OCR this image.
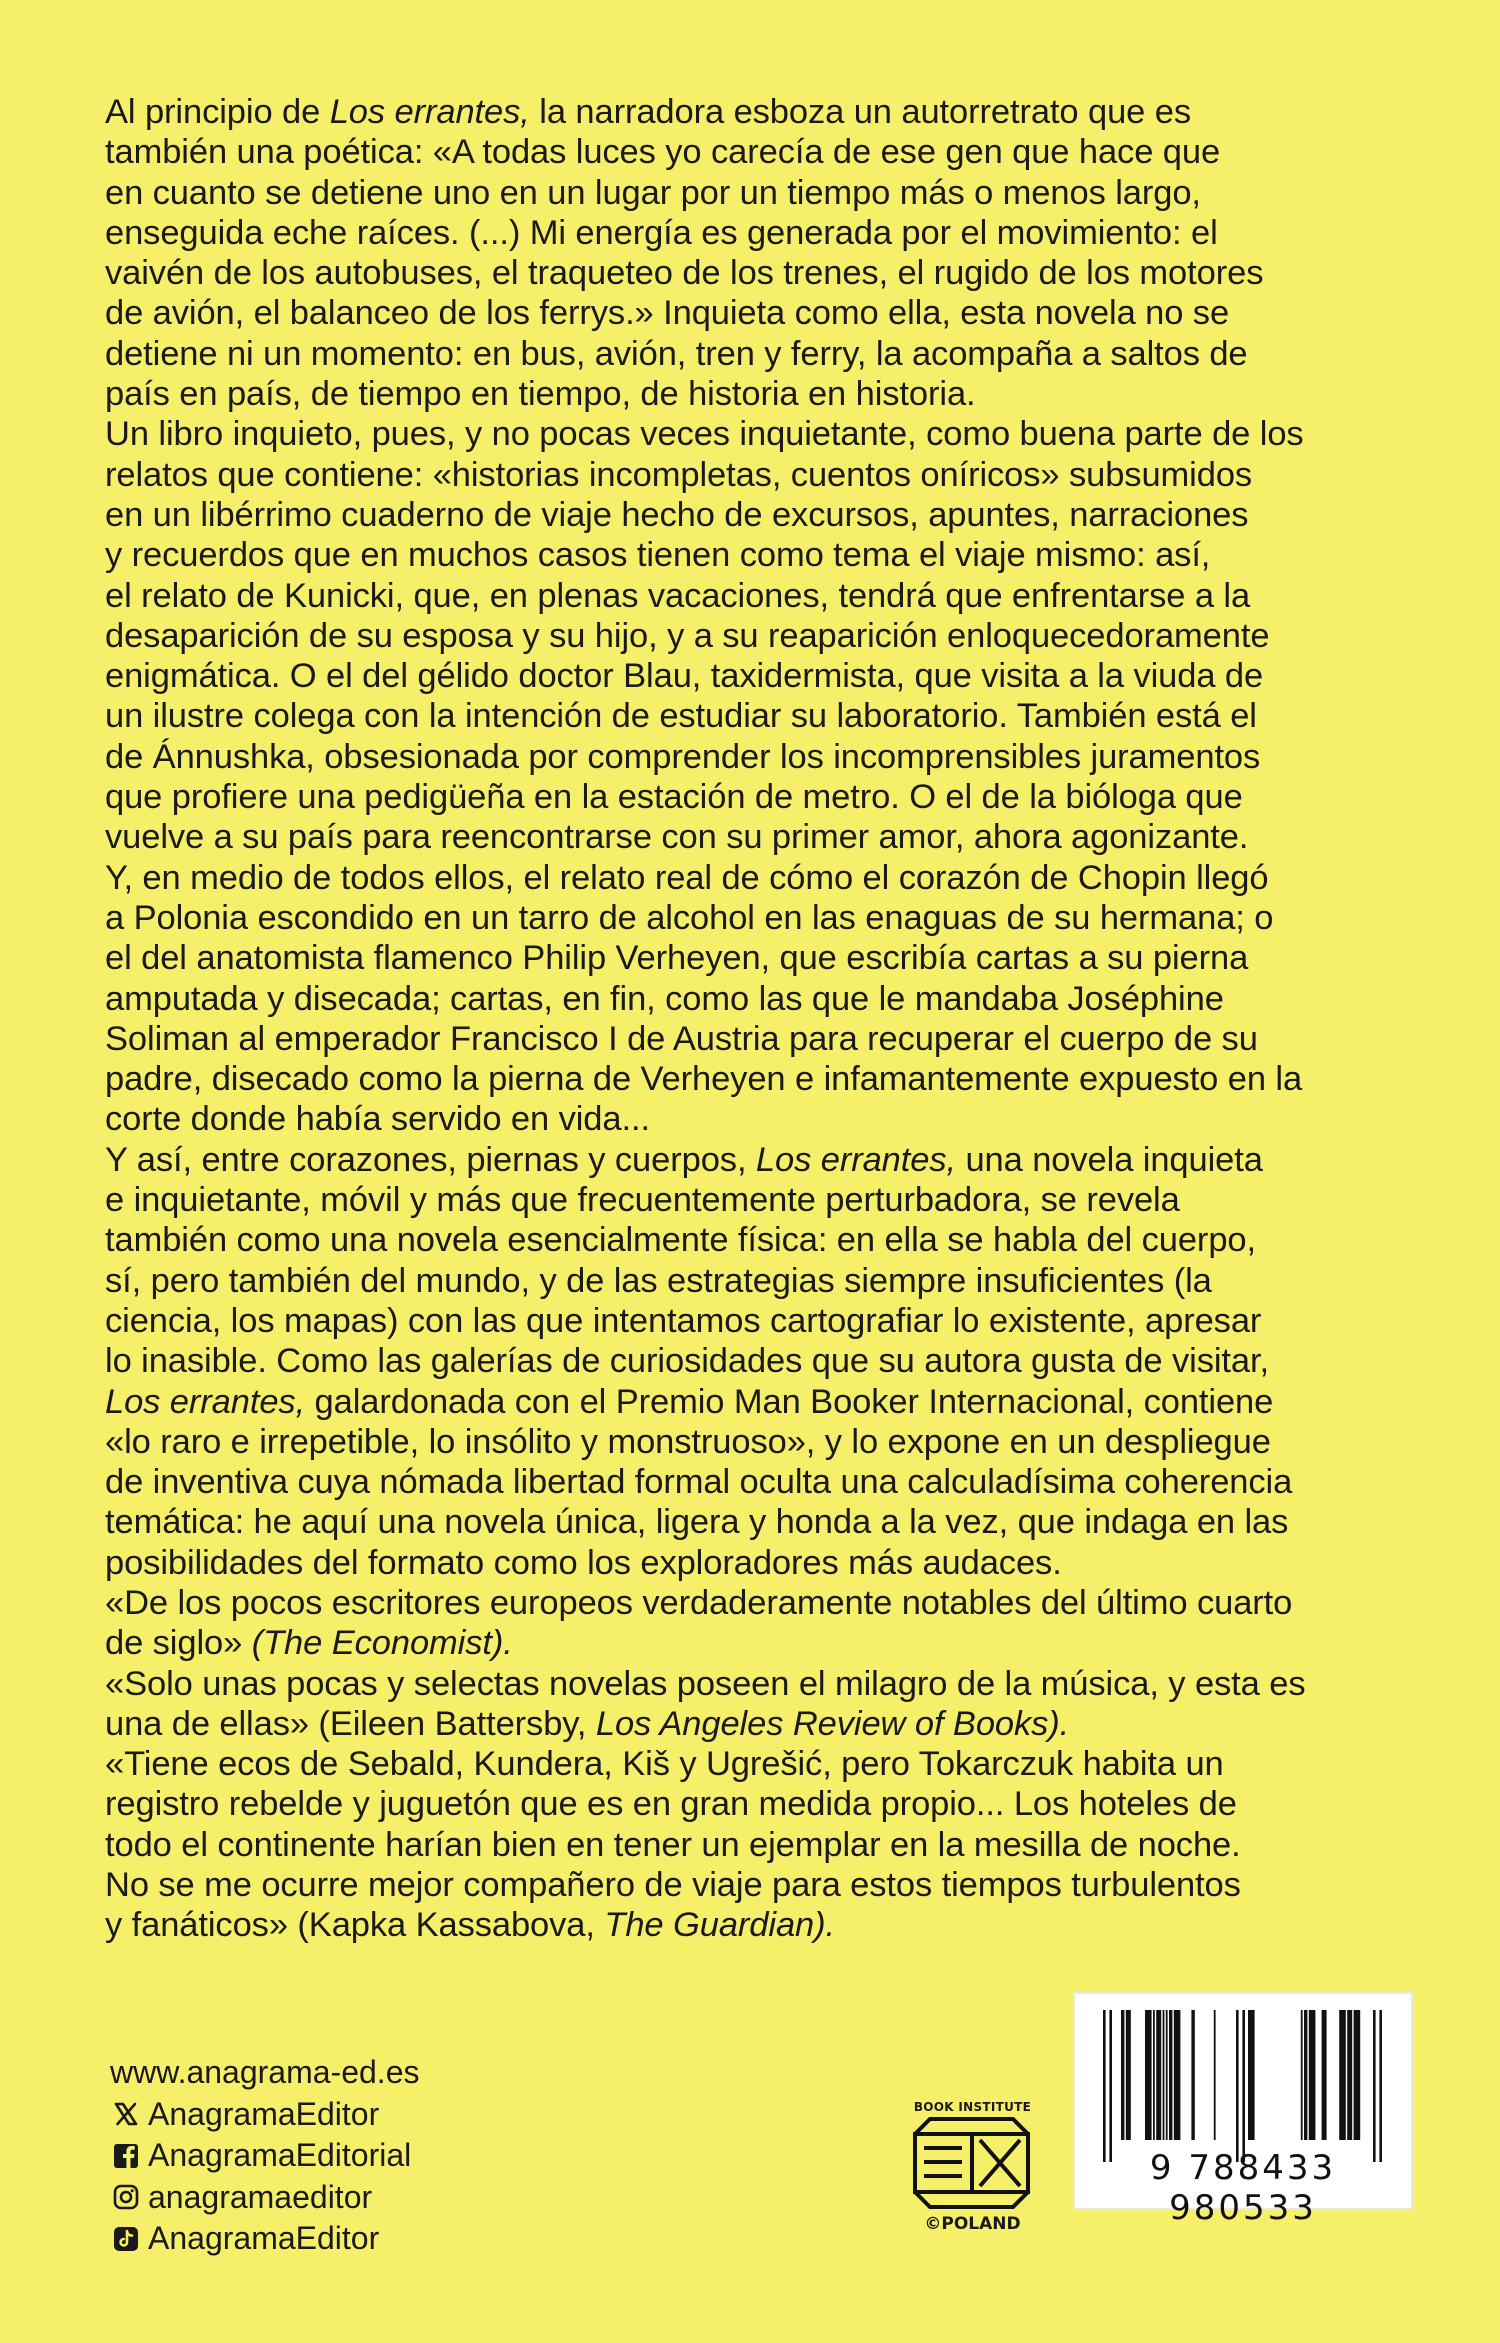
Al principio de Los errantes, la narradora esboza un autorretrato que es
también una poética: «A todas luces yo carecía de ese gen que hace que
en cuanto se detiene uno en un lugar por un tiempo más o menos largo,
enseguida eche raíces. (...) Mi energía es generada por el movimiento: el
vaivén de los autobuses, el traqueteo de los trenes, el rugido de los motores
de avión, el balanceo de los ferrys.» Inquieta como ella, esta novela no se
detiene ni un momento: en bus, avión, tren y ferry, la acompaña a saltos de
país en país, de tiempo en tiempo, de historia en historia.
Un libro inquieto, pues, y no pocas veces inquietante, como buena parte de los
relatos que contiene: «historias incompletas, cuentos oníricos» subsumidos
en un libérrimo cuaderno de viaje hecho de excursos, apuntes, narraciones
y recuerdos que en muchos casos tienen como tema el viaje mismo: así,
el relato de Kunicki, que, en plenas vacaciones, tendrá que enfrentarse a la
desaparición de su esposa y su hijo, y a su reaparición enloquecedoramente
enigmática. O el del gélido doctor Blau, taxidermista, que visita a la viuda de
un ilustre colega con la intención de estudiar su laboratorio. También está el
de Ánnushka, obsesionada por comprender los incomprensibles juramentos
que profiere una pedigüeña en la estación de metro. O el de la bióloga que
vuelve a su país para reencontrarse con su primer amor, ahora agonizante.
Y, en medio de todos ellos, el relato real de cómo el corazón de Chopin llegó
a Polonia escondido en un tarro de alcohol en las enaguas de su hermana; o
el del anatomista flamenco Philip Verheyen, que escribía cartas a su pierna
amputada y disecada; cartas, en fin, como las que le mandaba Joséphine
Soliman al emperador Francisco I de Austria para recuperar el cuerpo de su
padre, disecado como la pierna de Verheyen e infamantemente expuesto en la
corte donde había servido en vida...
Y así, entre corazones, piernas y cuerpos, Los errantes, una novela inquieta
e inquietante, móvil y más que frecuentemente perturbadora, se revela
también como una novela esencialmente física: en ella se habla del cuerpo,
sí, pero también del mundo, y de las estrategias siempre insuficientes (la
ciencia, los mapas) con las que intentamos cartografiar lo existente, apresar
lo inasible. Como las galerías de curiosidades que su autora gusta de visitar,
Los errantes, galardonada con el Premio Man Booker Internacional, contiene
«lo raro e irrepetible, lo insólito y monstruoso», y lo expone en un despliegue
de inventiva cuya nómada libertad formal oculta una calculadísima coherencia
temática: he aquí una novela única, ligera y honda a la vez, que indaga en las
posibilidades del formato como los exploradores más audaces.
«De los pocos escritores europeos verdaderamente notables del último cuarto
de siglo» (The Economist).
«Solo unas pocas y selectas novelas poseen el milagro de la música, y esta es
una de ellas» (Eileen Battersby, Los Angeles Review of Books).
«Tiene ecos de Sebald, Kundera, Kiš y Ugrešić, pero Tokarczuk habita un
registro rebelde y juguetón que es en gran medida propio... Los hoteles de
todo el continente harían bien en tener un ejemplar en la mesilla de noche.
No se me ocurre mejor compañero de viaje para estos tiempos turbulentos
y fanáticos» (Kapka Kassabova, The Guardian).
www.anagrama-ed.es
AnagramaEditor
AnagramaEditorial
anagramaeditor
AnagramaEditor
BOOK INSTITUTE
©POLAND
9 788433 980533
